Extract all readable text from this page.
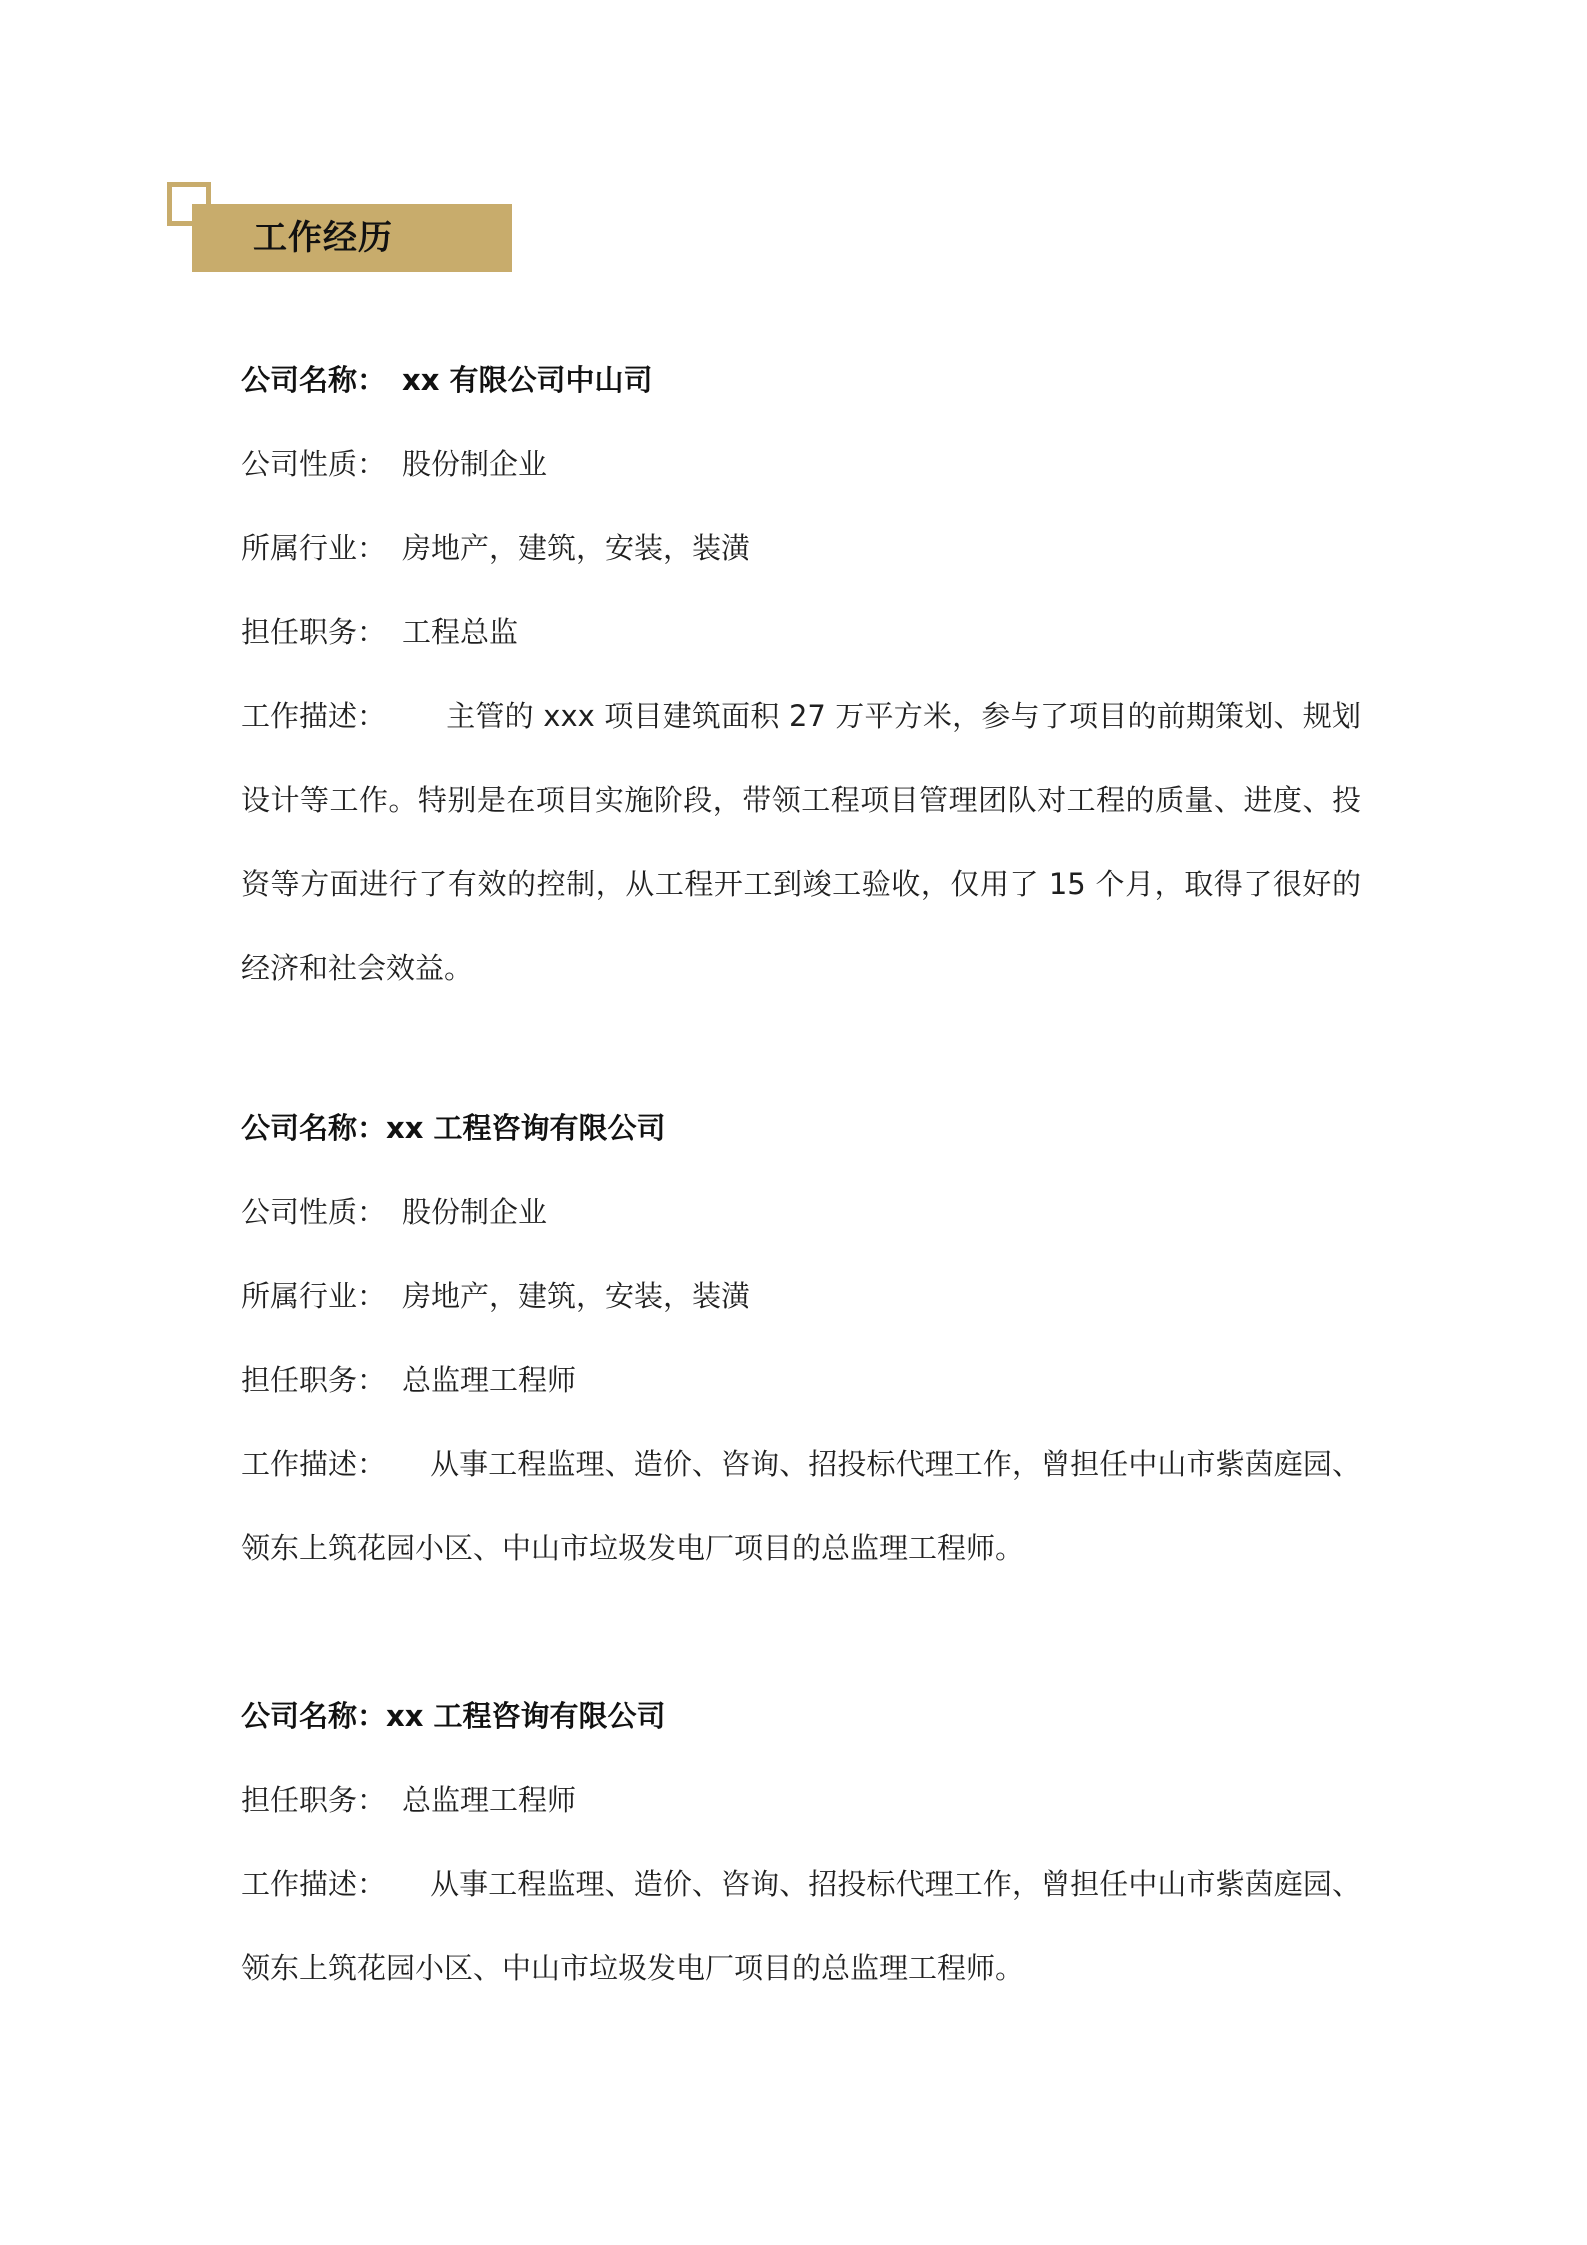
工作经历
公司名称： xx 有限公司中山司
公司性质： 股份制企业
所属行业： 房地产，建筑，安装，装潢
担任职务： 工程总监
工作描述： 主管的 xxx 项目建筑面积 27 万平方米，参与了项目的前期策划、规划设计等工作。特别是在项目实施阶段，带领工程项目管理团队对工程的质量、进度、投资等方面进行了有效的控制，从工程开工到竣工验收，仅用了 15 个月，取得了很好的经济和社会效益。
公司名称：xx 工程咨询有限公司
公司性质： 股份制企业
所属行业： 房地产，建筑，安装，装潢
担任职务： 总监理工程师
工作描述： 从事工程监理、造价、咨询、招投标代理工作，曾担任中山市紫茵庭园、领东上筑花园小区、中山市垃圾发电厂项目的总监理工程师。
公司名称：xx 工程咨询有限公司
担任职务： 总监理工程师
工作描述： 从事工程监理、造价、咨询、招投标代理工作，曾担任中山市紫茵庭园、领东上筑花园小区、中山市垃圾发电厂项目的总监理工程师。
